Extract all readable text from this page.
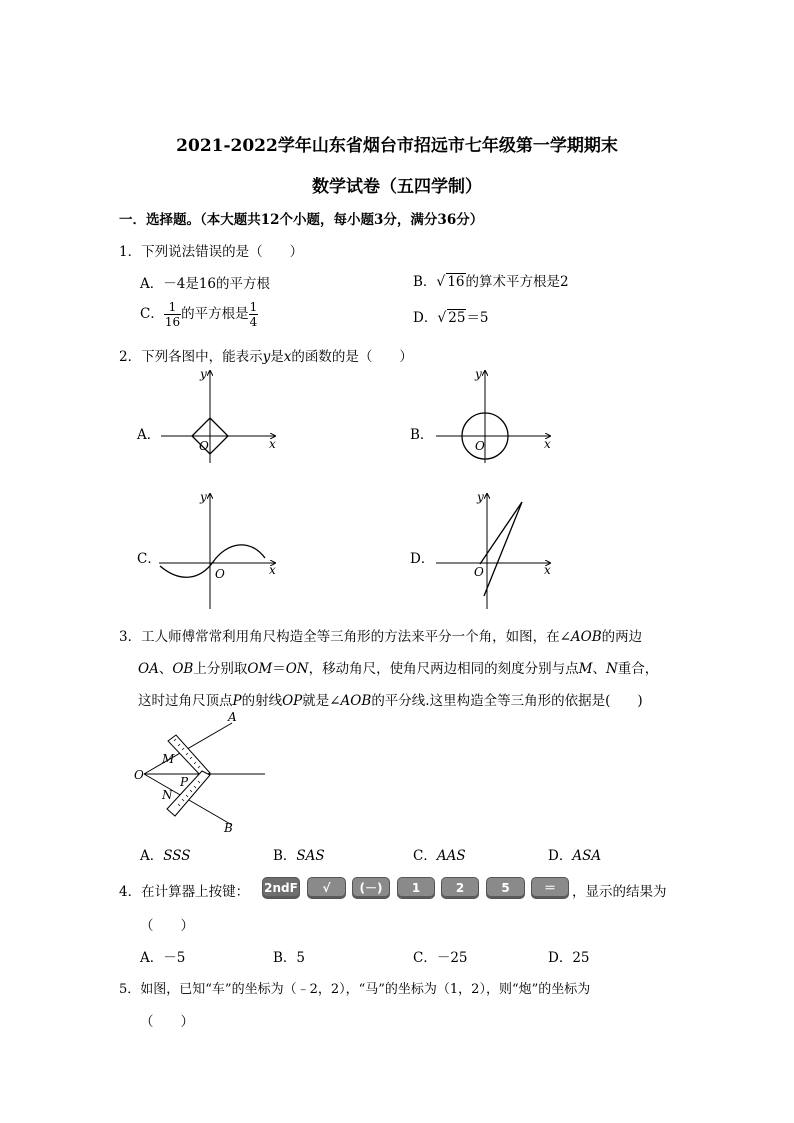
2021-2022学年山东省烟台市招远市七年级第一学期期末
数学试卷（五四学制）
一．选择题。（本大题共12个小题，每小题3分，满分36分）
1．下列说法错误的是（　　）
A．－4是16的平方根	B．√ 16的算术平方根是2
C． $\frac{1}{16}$ 的平方根是 $\frac{1}{4}$	D．√ 25＝5
2．下列各图中，能表示y是x的函数的是（　　）
A．	B．
C．	D．
y
x
O
y
x
O
y
x
O
y
x
O
3．工人师傅常常利用角尺构造全等三角形的方法来平分一个角，如图，在∠AOB的两边
OA、OB上分别取OM＝ON，移动角尺，使角尺两边相同的刻度分别与点M、N重合，
这时过角尺顶点P的射线OP就是∠AOB的平分线.这里构造全等三角形的依据是(　　)
A
B
O
M
N
P
A．SSS	B．SAS	C．AAS	D．ASA
4．在计算器上按键： 2ndF	√	(－)	1	2	5	＝	，显示的结果为
（　　）
A．－5	B．5	C．－25	D．25
5．如图，已知“车”的坐标为（﹣2，2），“马”的坐标为（1，2），则“炮”的坐标为
（　　）
